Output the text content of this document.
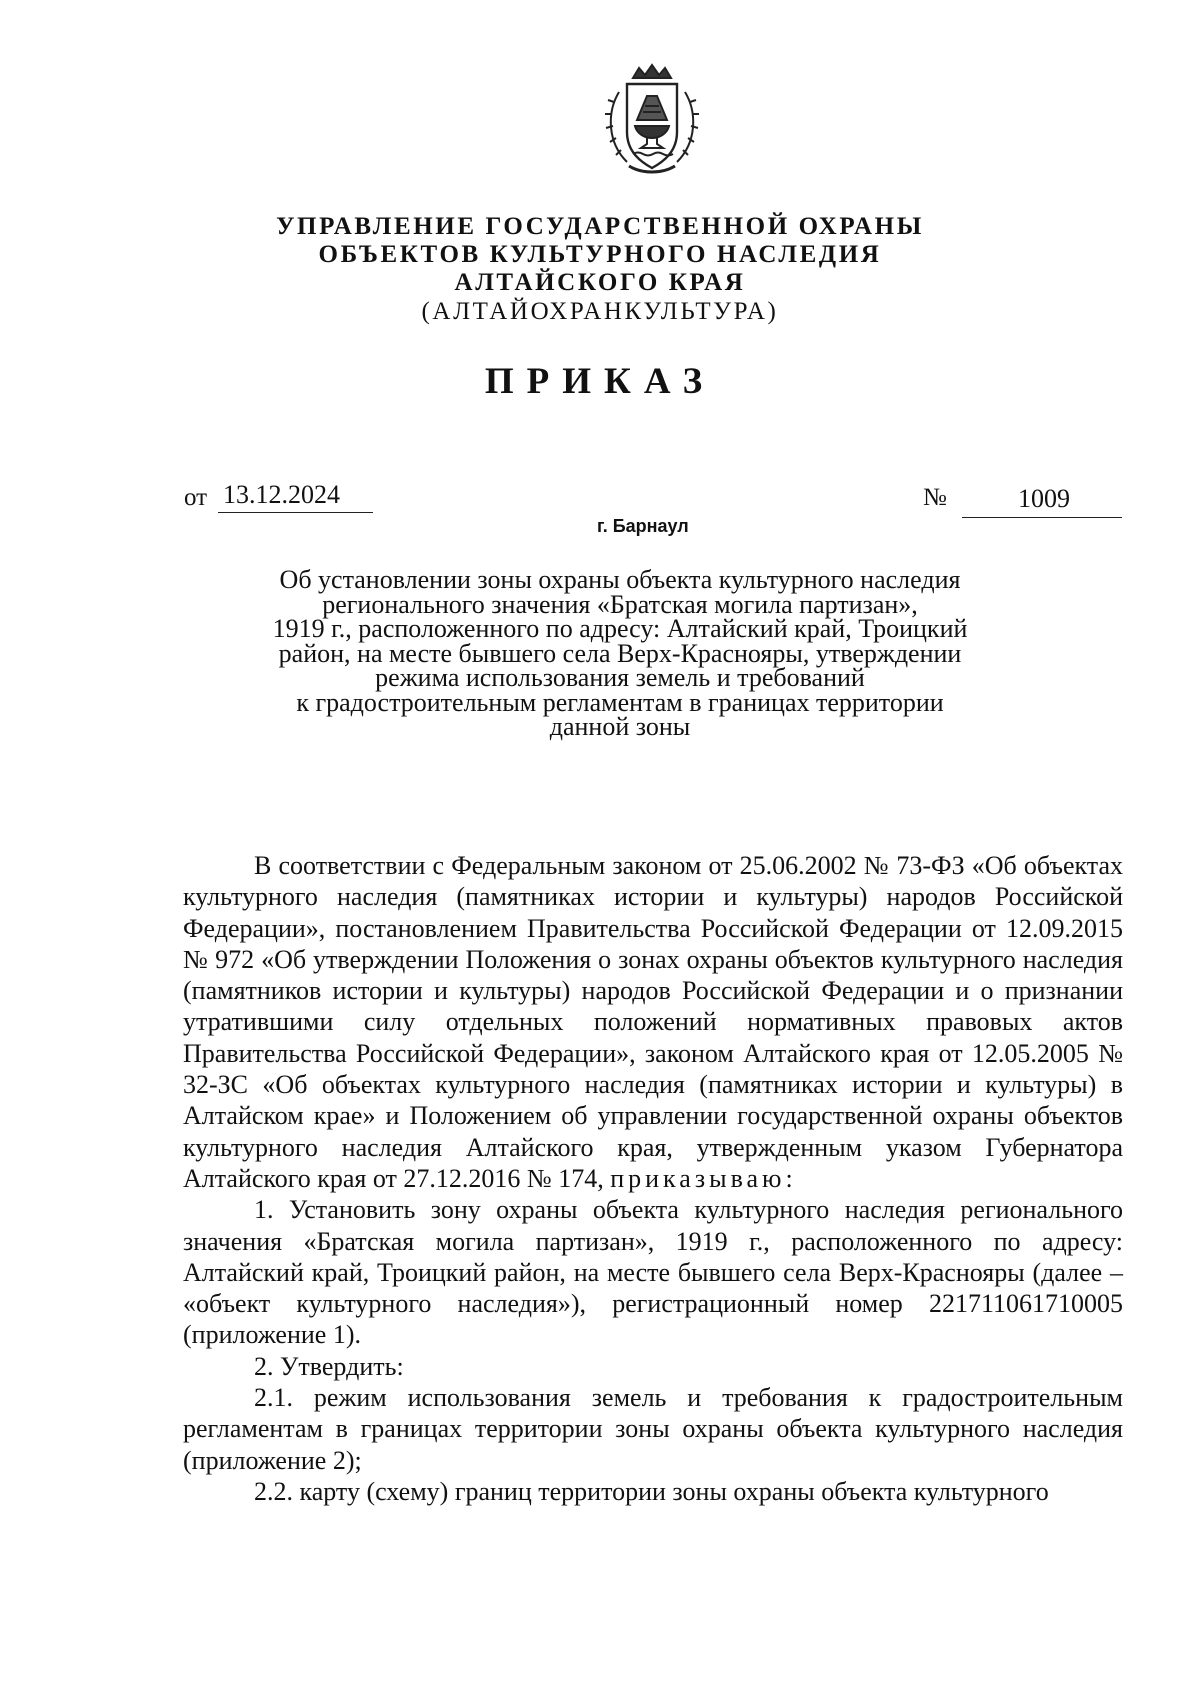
УПРАВЛЕНИЕ ГОСУДАРСТВЕННОЙ ОХРАНЫ
ОБЪЕКТОВ КУЛЬТУРНОГО НАСЛЕДИЯ
АЛТАЙСКОГО КРАЯ
(АЛТАЙОХРАНКУЛЬТУРА)
ПРИКАЗ
от 13.12.2024	№	1009
г. Барнаул
Об установлении зоны охраны объекта культурного наследия
регионального значения «Братская могила партизан»,
1919 г., расположенного по адресу: Алтайский край, Троицкий
район, на месте бывшего села Верх-Краснояры, утверждении
режима использования земель и требований
к градостроительным регламентам в границах территории
данной зоны

В соответствии с Федеральным законом от 25.06.2002 № 73-ФЗ «Об объектах культурного наследия (памятниках истории и культуры) народов Российской Федерации», постановлением Правительства Российской Федерации от 12.09.2015 № 972 «Об утверждении Положения о зонах охраны объектов культурного наследия (памятников истории и культуры) народов Российской Федерации и о признании утратившими силу отдельных положений нормативных правовых актов Правительства Российской Федерации», законом Алтайского края от 12.05.2005 № 32-ЗС «Об объектах культурного наследия (памятниках истории и культуры) в Алтайском крае» и Положением об управлении государственной охраны объектов культурного наследия Алтайского края, утвержденным указом Губернатора Алтайского края от 27.12.2016 № 174, приказываю:

1. Установить зону охраны объекта культурного наследия регионального значения «Братская могила партизан», 1919 г., расположенного по адресу: Алтайский край, Троицкий район, на месте бывшего села Верх-Краснояры (далее – «объект культурного наследия»), регистрационный номер 221711061710005 (приложение 1).

2. Утвердить:

2.1. режим использования земель и требования к градостроительным регламентам в границах территории зоны охраны объекта культурного наследия (приложение 2);

2.2. карту (схему) границ территории зоны охраны объекта культурного
